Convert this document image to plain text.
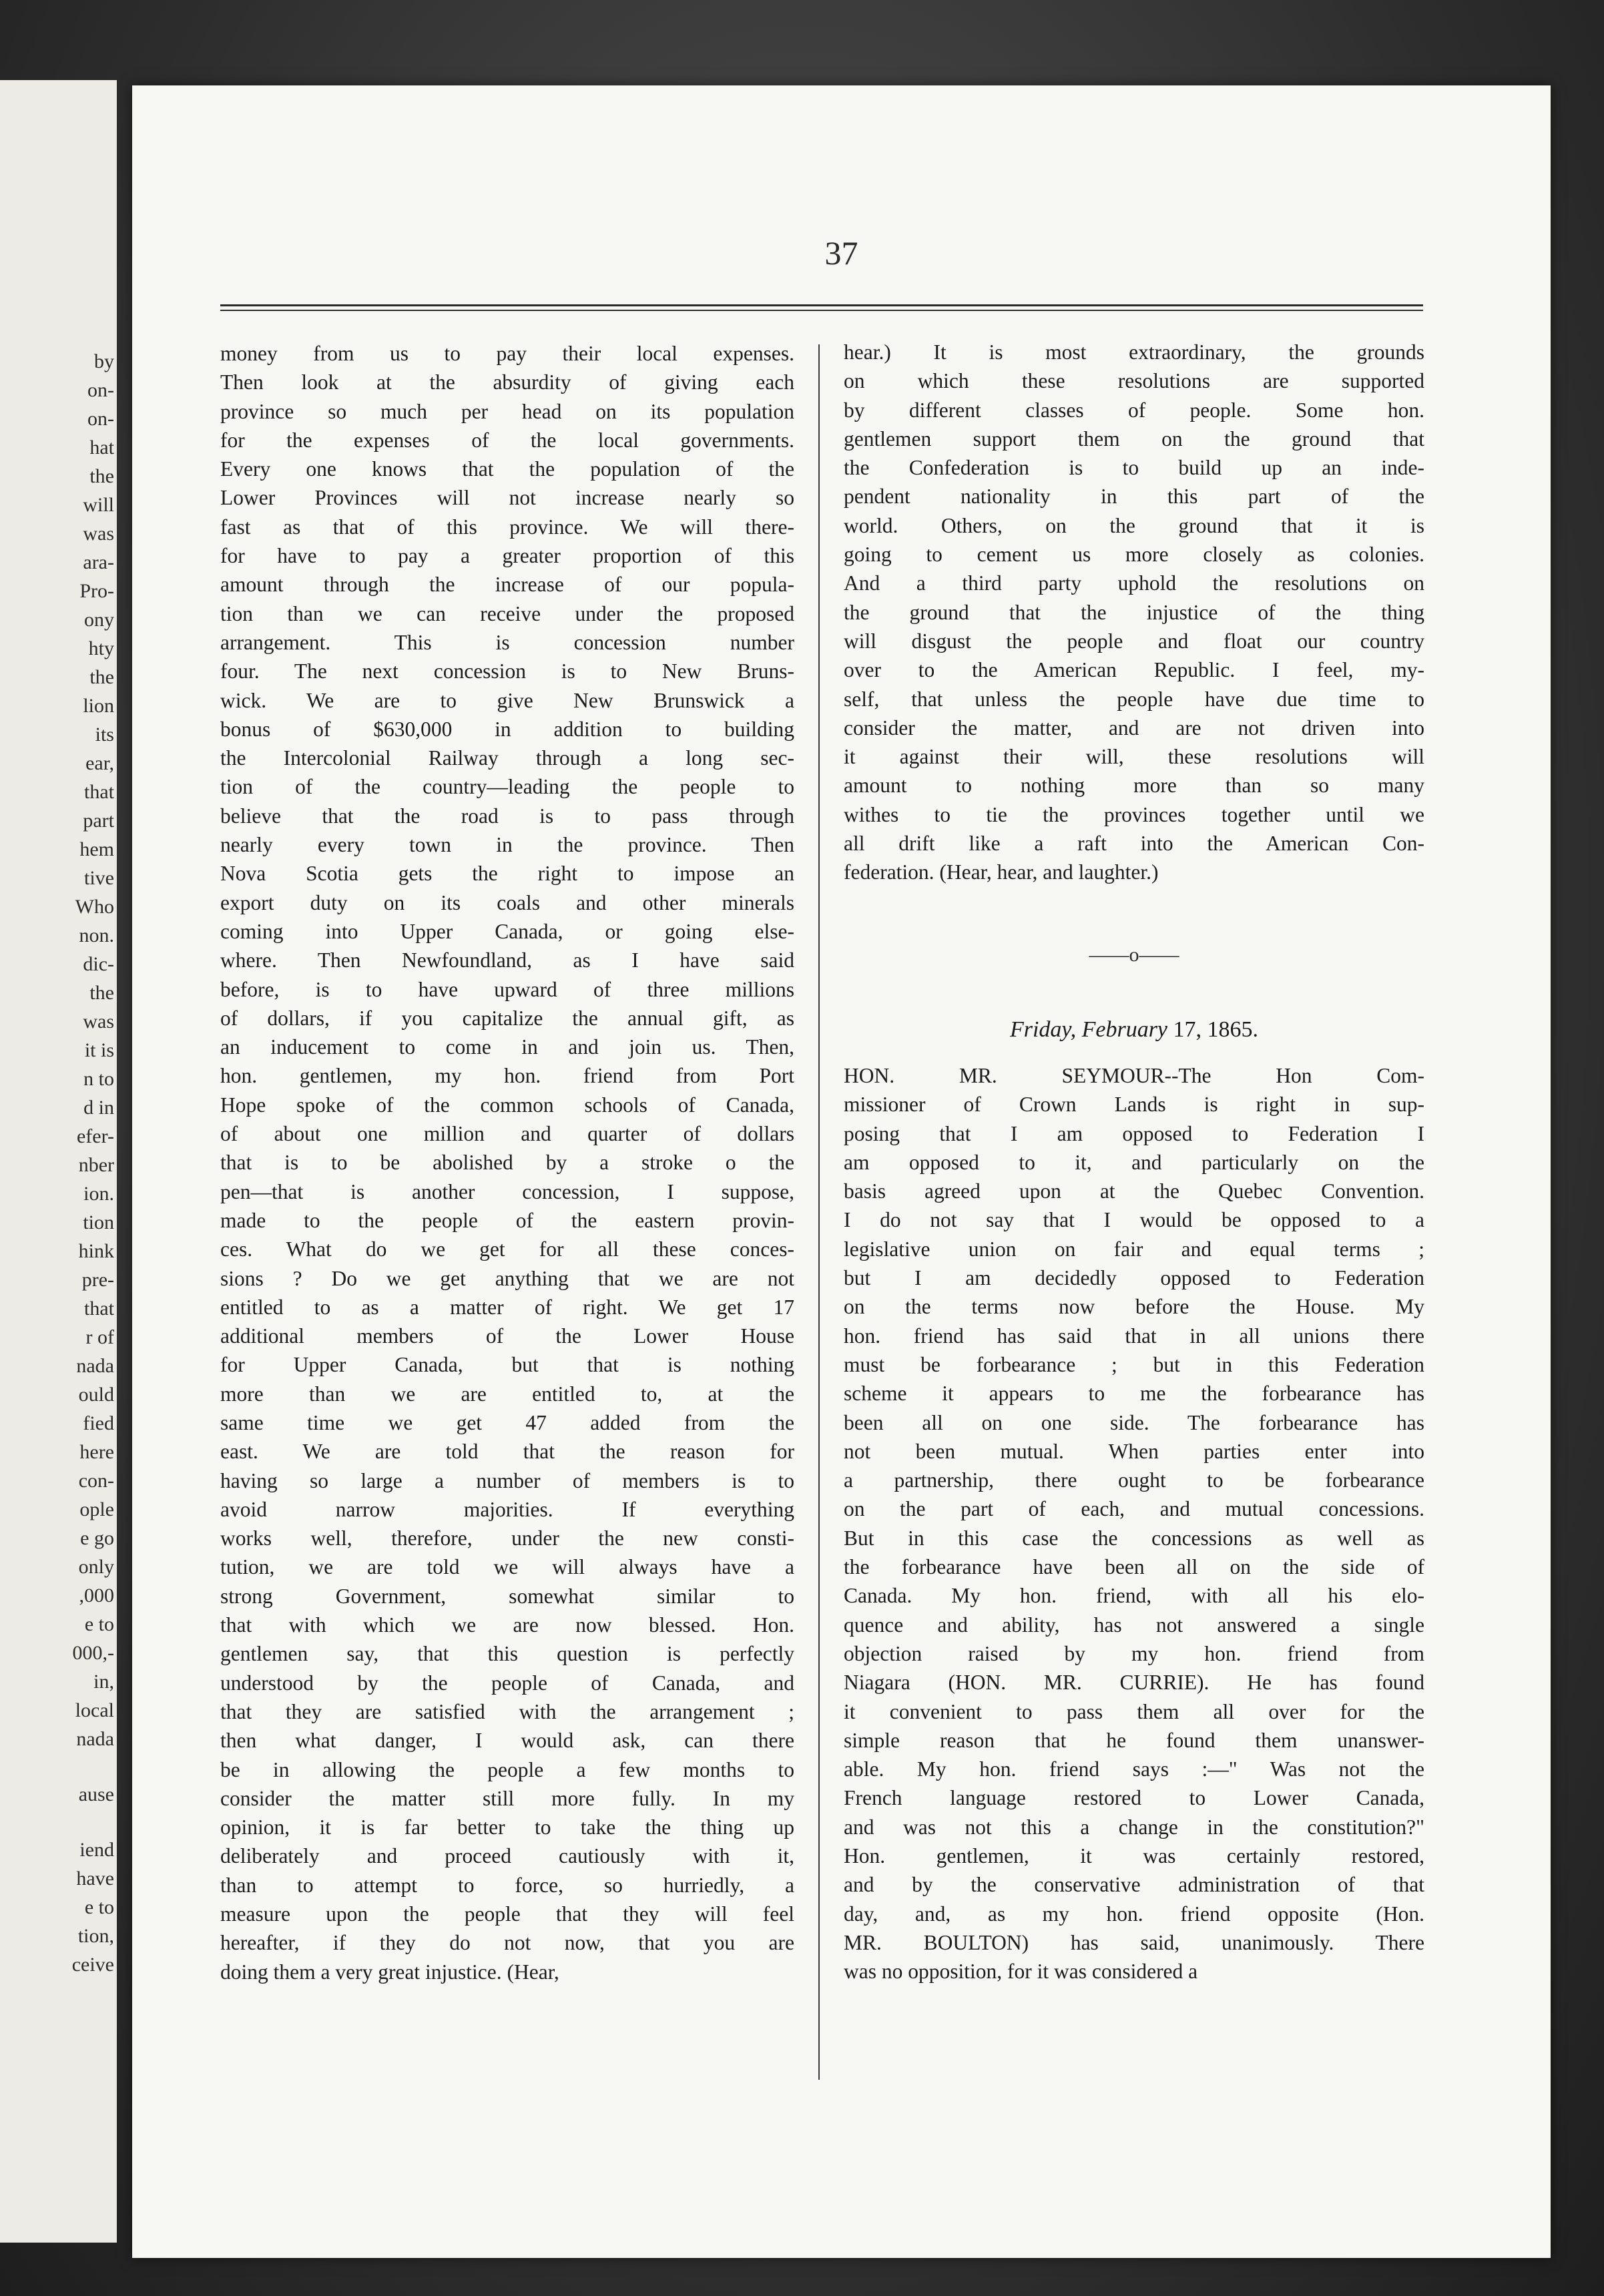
by
on-
on-
hat
the
will
was
ara-
Pro-
ony
hty
the
lion
its
ear,
that
part
hem
tive
Who
non.
dic-
the
was
it is
n to
d in
efer-
nber
ion.
tion
hink
pre-
that
r of
nada
ould
fied
here
con-
ople
e go
only
,000
e to
000,-
in,
local
nada
ause
iend
have
e to
tion,
ceive
37
money from us to pay their local expenses.
Then look at the absurdity of giving each
province so much per head on its population
for the expenses of the local governments.
Every one knows that the population of the
Lower Provinces will not increase nearly so
fast as that of this province. We will there-
for have to pay a greater proportion of this
amount through the increase of our popula-
tion than we can receive under the proposed
arrangement. This is concession number
four. The next concession is to New Bruns-
wick. We are to give New Brunswick a
bonus of $630,000 in addition to building
the Intercolonial Railway through a long sec-
tion of the country—leading the people to
believe that the road is to pass through
nearly every town in the province. Then
Nova Scotia gets the right to impose an
export duty on its coals and other minerals
coming into Upper Canada, or going else-
where. Then Newfoundland, as I have said
before, is to have upward of three millions
of dollars, if you capitalize the annual gift, as
an inducement to come in and join us. Then,
hon. gentlemen, my hon. friend from Port
Hope spoke of the common schools of Canada,
of about one million and quarter of dollars
that is to be abolished by a stroke o the
pen—that is another concession, I suppose,
made to the people of the eastern provin-
ces. What do we get for all these conces-
sions ? Do we get anything that we are not
entitled to as a matter of right. We get 17
additional members of the Lower House
for Upper Canada, but that is nothing
more than we are entitled to, at the
same time we get 47 added from the
east. We are told that the reason for
having so large a number of members is to
avoid narrow majorities. If everything
works well, therefore, under the new consti-
tution, we are told we will always have a
strong Government, somewhat similar to
that with which we are now blessed. Hon.
gentlemen say, that this question is perfectly
understood by the people of Canada, and
that they are satisfied with the arrangement ;
then what danger, I would ask, can there
be in allowing the people a few months to
consider the matter still more fully. In my
opinion, it is far better to take the thing up
deliberately and proceed cautiously with it,
than to attempt to force, so hurriedly, a
measure upon the people that they will feel
hereafter, if they do not now, that you are
doing them a very great injustice. (Hear,
hear.) It is most extraordinary, the grounds
on which these resolutions are supported
by different classes of people. Some hon.
gentlemen support them on the ground that
the Confederation is to build up an inde-
pendent nationality in this part of the
world. Others, on the ground that it is
going to cement us more closely as colonies.
And a third party uphold the resolutions on
the ground that the injustice of the thing
will disgust the people and float our country
over to the American Republic. I feel, my-
self, that unless the people have due time to
consider the matter, and are not driven into
it against their will, these resolutions will
amount to nothing more than so many
withes to tie the provinces together until we
all drift like a raft into the American Con-
federation. (Hear, hear, and laughter.)
——o——
Friday, February 17, 1865.
HON. MR. SEYMOUR--The Hon Com-
missioner of Crown Lands is right in sup-
posing that I am opposed to Federation I
am opposed to it, and particularly on the
basis agreed upon at the Quebec Convention.
I do not say that I would be opposed to a
legislative union on fair and equal terms ;
but I am decidedly opposed to Federation
on the terms now before the House. My
hon. friend has said that in all unions there
must be forbearance ; but in this Federation
scheme it appears to me the forbearance has
been all on one side. The forbearance has
not been mutual. When parties enter into
a partnership, there ought to be forbearance
on the part of each, and mutual concessions.
But in this case the concessions as well as
the forbearance have been all on the side of
Canada. My hon. friend, with all his elo-
quence and ability, has not answered a single
objection raised by my hon. friend from
Niagara (HON. MR. CURRIE). He has found
it convenient to pass them all over for the
simple reason that he found them unanswer-
able. My hon. friend says :—" Was not the
French language restored to Lower Canada,
and was not this a change in the constitution?"
Hon. gentlemen, it was certainly restored,
and by the conservative administration of that
day, and, as my hon. friend opposite (Hon.
MR. BOULTON) has said, unanimously. There
was no opposition, for it was considered a
